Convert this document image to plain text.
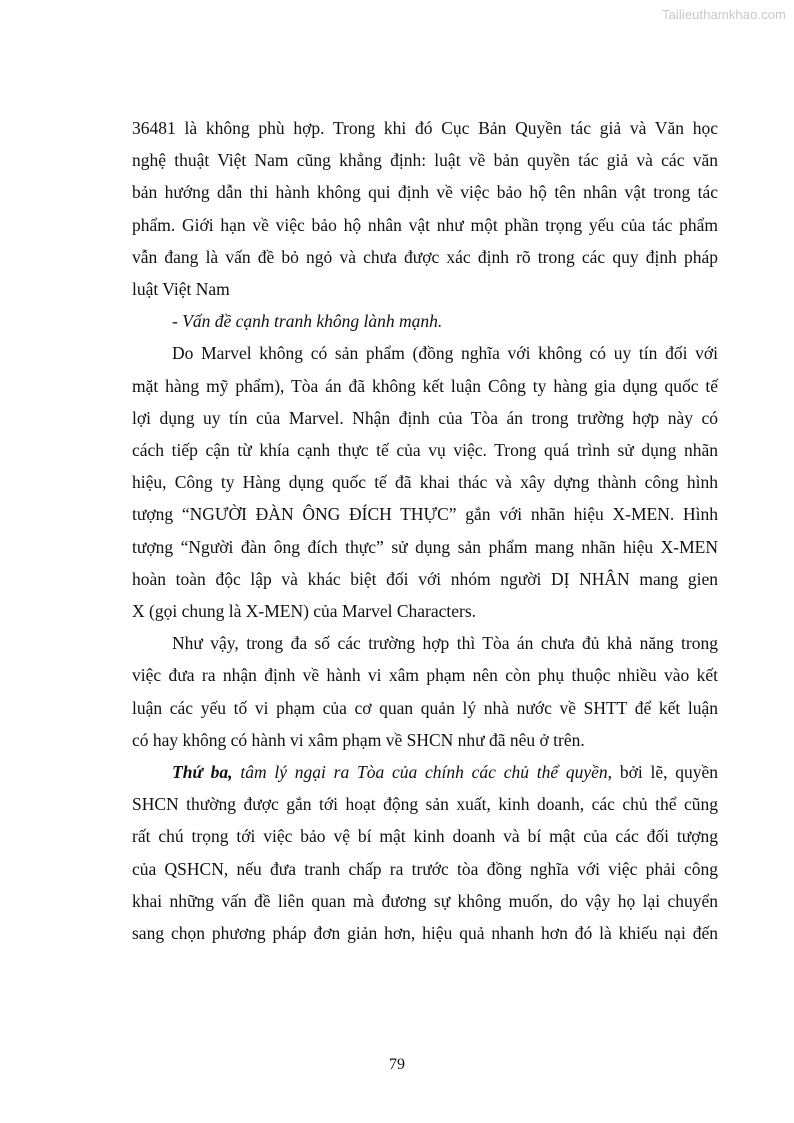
Tailieuthamkhao.com
36481 là không phù hợp. Trong khi đó Cục Bản Quyền tác giả và Văn học
nghệ thuật Việt Nam cũng khẳng định: luật về bản quyền tác giả và các văn
bản hướng dẫn thi hành không qui định về việc bảo hộ tên nhân vật trong tác
phẩm. Giới hạn về việc bảo hộ nhân vật như một phần trọng yếu của tác phẩm
vẫn đang là vấn đề bỏ ngỏ và chưa được xác định rõ trong các quy định pháp
luật Việt Nam
- Vấn đề cạnh tranh không lành mạnh.
Do Marvel không có sản phẩm (đồng nghĩa với không có uy tín đối với
mặt hàng mỹ phẩm), Tòa án đã không kết luận Công ty hàng gia dụng quốc tế
lợi dụng uy tín của Marvel. Nhận định của Tòa án trong trường hợp này có
cách tiếp cận từ khía cạnh thực tế của vụ việc. Trong quá trình sử dụng nhãn
hiệu, Công ty Hàng dụng quốc tế đã khai thác và xây dựng thành công hình
tượng “NGƯỜI ĐÀN ÔNG ĐÍCH THỰC” gắn với nhãn hiệu X-MEN. Hình
tượng “Người đàn ông đích thực” sử dụng sản phẩm mang nhãn hiệu X-MEN
hoàn toàn độc lập và khác biệt đối với nhóm người DỊ NHÂN mang gien
X (gọi chung là X-MEN) của Marvel Characters.
Như vậy, trong đa số các trường hợp thì Tòa án chưa đủ khả năng trong
việc đưa ra nhận định về hành vi xâm phạm nên còn phụ thuộc nhiều vào kết
luận các yếu tố vi phạm của cơ quan quản lý nhà nước về SHTT để kết luận
có hay không có hành vi xâm phạm về SHCN như đã nêu ở trên.
Thứ ba, tâm lý ngại ra Tòa của chính các chủ thể quyền, bởi lẽ, quyền
SHCN thường được gắn tới hoạt động sản xuất, kinh doanh, các chủ thể cũng
rất chú trọng tới việc bảo vệ bí mật kinh doanh và bí mật của các đối tượng
của QSHCN, nếu đưa tranh chấp ra trước tòa đồng nghĩa với việc phải công
khai những vấn đề liên quan mà đương sự không muốn, do vậy họ lại chuyển
sang chọn phương pháp đơn giản hơn, hiệu quả nhanh hơn đó là khiếu nại đến
79
